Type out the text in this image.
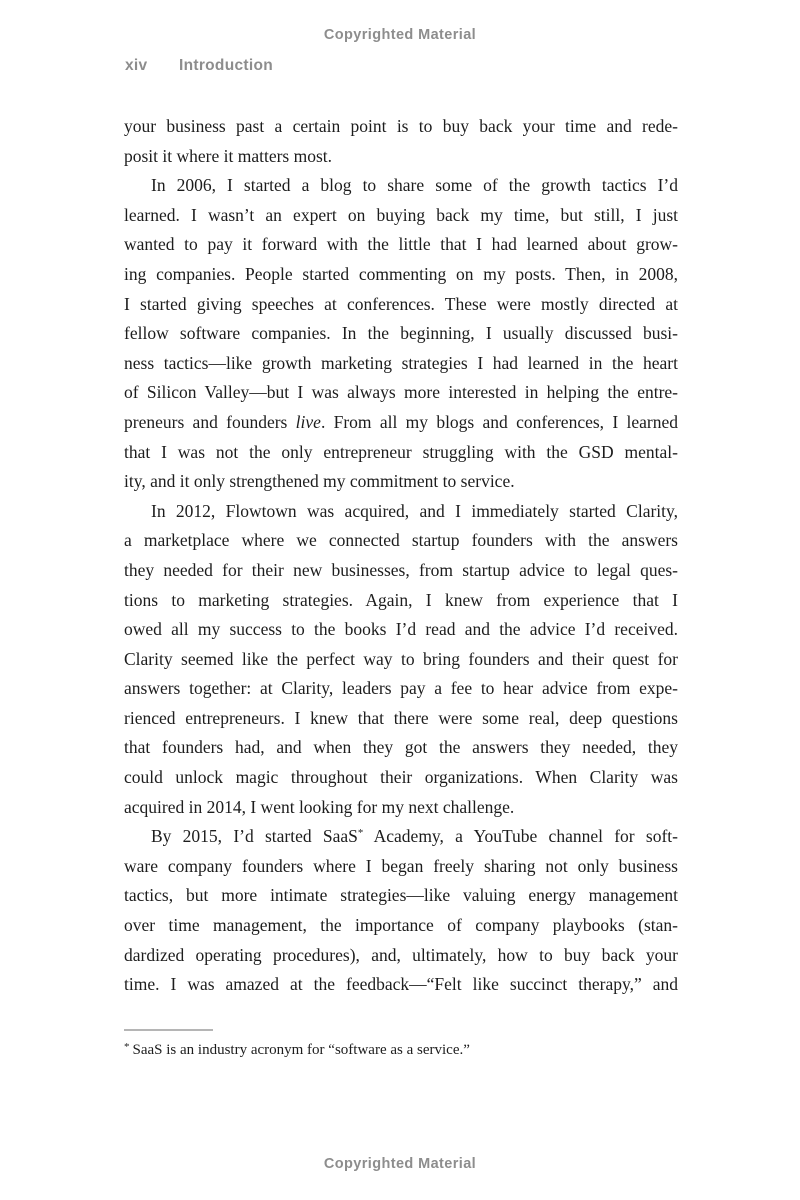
Copyrighted Material
xiv Introduction
your business past a certain point is to buy back your time and rede-
posit it where it matters most.
In 2006, I started a blog to share some of the growth tactics I’d
learned. I wasn’t an expert on buying back my time, but still, I just
wanted to pay it forward with the little that I had learned about grow-
ing companies. People started commenting on my posts. Then, in 2008,
I started giving speeches at conferences. These were mostly directed at
fellow software companies. In the beginning, I usually discussed busi-
ness tactics—like growth marketing strategies I had learned in the heart
of Silicon Valley—but I was always more interested in helping the entre-
preneurs and founders live. From all my blogs and conferences, I learned
that I was not the only entrepreneur struggling with the GSD mental-
ity, and it only strengthened my commitment to service.
In 2012, Flowtown was acquired, and I immediately started Clarity,
a marketplace where we connected startup founders with the answers
they needed for their new businesses, from startup advice to legal ques-
tions to marketing strategies. Again, I knew from experience that I
owed all my success to the books I’d read and the advice I’d received.
Clarity seemed like the perfect way to bring founders and their quest for
answers together: at Clarity, leaders pay a fee to hear advice from expe-
rienced entrepreneurs. I knew that there were some real, deep questions
that founders had, and when they got the answers they needed, they
could unlock magic throughout their organizations. When Clarity was
acquired in 2014, I went looking for my next challenge.
By 2015, I’d started SaaS* Academy, a YouTube channel for soft-
ware company founders where I began freely sharing not only business
tactics, but more intimate strategies—like valuing energy management
over time management, the importance of company playbooks (stan-
dardized operating procedures), and, ultimately, how to buy back your
time. I was amazed at the feedback—“Felt like succinct therapy,” and
* SaaS is an industry acronym for “software as a service.”
Copyrighted Material
